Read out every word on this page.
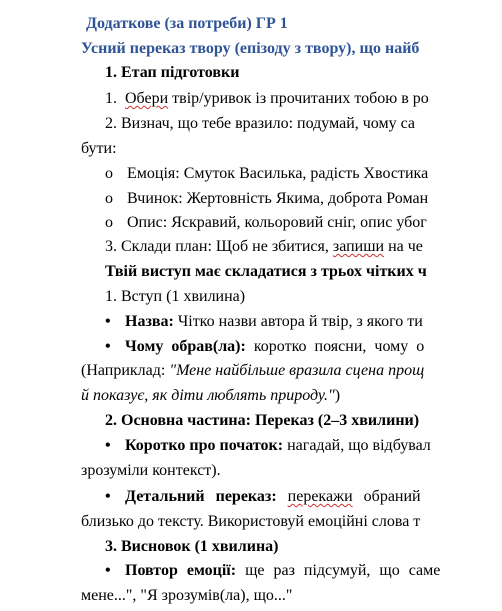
Додаткове (за потреби) ГР 1
Усний переказ твору (епізоду з твору), що найб
1. Етап підготовки
1. Обери твір/уривок із прочитаних тобою в ро
2. Визнач, що тебе вразило: подумай, чому са
бути:
o Емоція: Смуток Василька, радість Хвостика
o Вчинок: Жертовність Якима, доброта Роман
o Опис: Яскравий, кольоровий сніг, опис убог
3. Склади план: Щоб не збитися, запиши на че
Твій виступ має складатися з трьох чітких ч
1. Вступ (1 хвилина)
• Назва: Чітко назви автора й твір, з якого ти
• Чому обрав(ла): коротко поясни, чому о
(Наприклад: "Мене найбільше вразила сцена прощ
й показує, як діти люблять природу.")
2. Основна частина: Переказ (2–3 хвилини)
• Коротко про початок: нагадай, що відбувал
зрозуміли контекст).
• Детальний переказ: перекажи обраний
близько до тексту. Використовуй емоційні слова т
3. Висновок (1 хвилина)
• Повтор емоції: ще раз підсумуй, що саме
мене...", "Я зрозумів(ла), що..."
